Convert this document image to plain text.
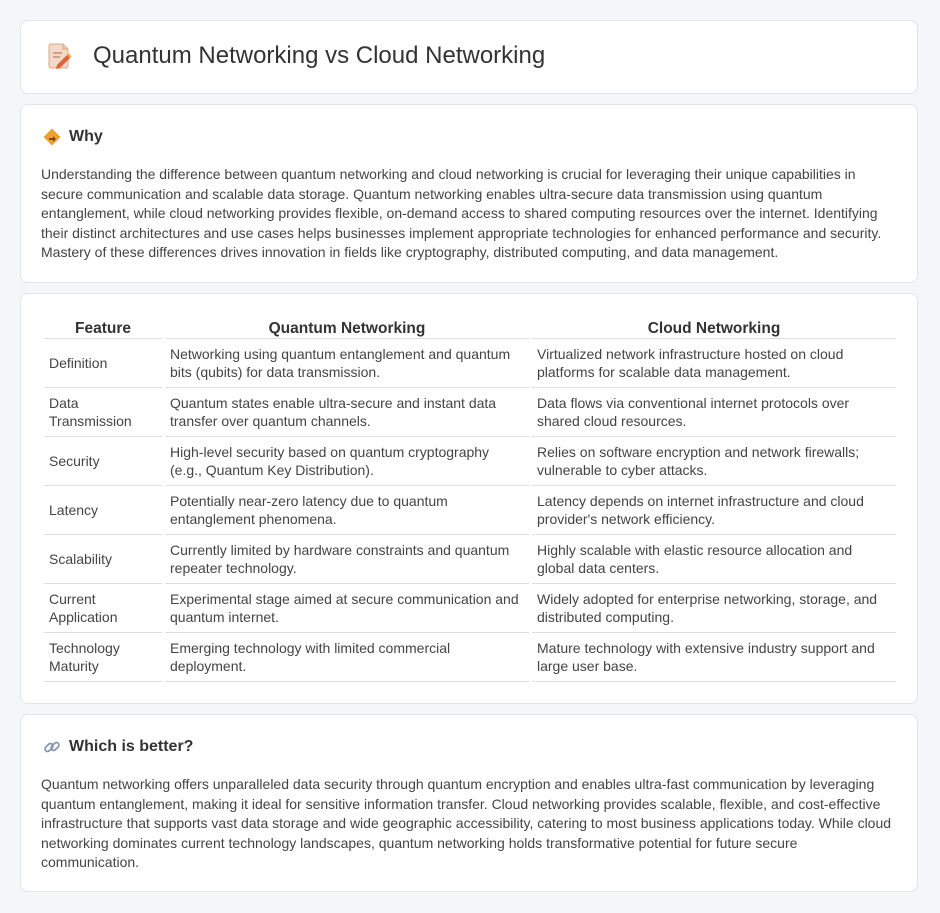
Quantum Networking vs Cloud Networking
Why

Understanding the difference between quantum networking and cloud networking is crucial for leveraging their unique capabilities in secure communication and scalable data storage. Quantum networking enables ultra-secure data transmission using quantum entanglement, while cloud networking provides flexible, on-demand access to shared computing resources over the internet. Identifying their distinct architectures and use cases helps businesses implement appropriate technologies for enhanced performance and security. Mastery of these differences drives innovation in fields like cryptography, distributed computing, and data management.

Feature	Quantum Networking	Cloud Networking
Definition	Networking using quantum entanglement and quantum bits (qubits) for data transmission.	Virtualized network infrastructure hosted on cloud platforms for scalable data management.
Data Transmission	Quantum states enable ultra-secure and instant data transfer over quantum channels.	Data flows via conventional internet protocols over shared cloud resources.
Security	High-level security based on quantum cryptography (e.g., Quantum Key Distribution).	Relies on software encryption and network firewalls; vulnerable to cyber attacks.
Latency	Potentially near-zero latency due to quantum entanglement phenomena.	Latency depends on internet infrastructure and cloud provider's network efficiency.
Scalability	Currently limited by hardware constraints and quantum repeater technology.	Highly scalable with elastic resource allocation and global data centers.
Current Application	Experimental stage aimed at secure communication and quantum internet.	Widely adopted for enterprise networking, storage, and distributed computing.
Technology Maturity	Emerging technology with limited commercial deployment.	Mature technology with extensive industry support and large user base.
Which is better?

Quantum networking offers unparalleled data security through quantum encryption and enables ultra-fast communication by leveraging quantum entanglement, making it ideal for sensitive information transfer. Cloud networking provides scalable, flexible, and cost-effective infrastructure that supports vast data storage and wide geographic accessibility, catering to most business applications today. While cloud networking dominates current technology landscapes, quantum networking holds transformative potential for future secure communication.
